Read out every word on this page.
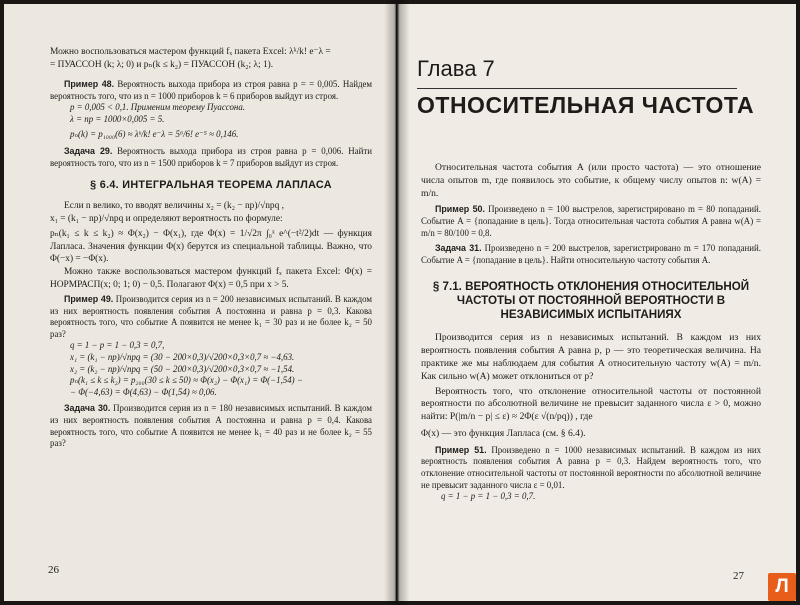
Можно воспользоваться мастером функций fₓ пакета Excel: λᵏ/k! e⁻λ =

= ПУАССОН (k; λ; 0) и pₙ(k ≤ k₂) = ПУАССОН (k₂; λ; 1).

Пример 48. Вероятность выхода прибора из строя равна p = = 0,005. Найдем вероятность того, что из n = 1000 приборов k = 6 приборов выйдут из строя.

p = 0,005 < 0,1. Применим теорему Пуассона.

λ = np = 1000×0,005 = 5.

pₙ(k) = p₁₀₀₀(6) ≈ λᵏ/k! e⁻λ = 5⁶/6! e⁻⁵ ≈ 0,146.

Задача 29. Вероятность выхода прибора из строя равна p = 0,006. Найти вероятность того, что из n = 1500 приборов k = 7 приборов выйдут из строя.

§ 6.4. ИНТЕГРАЛЬНАЯ ТЕОРЕМА ЛАПЛАСА

Если n велико, то вводят величины x₂ = (k₂ − np)/√npq ,

x₁ = (k₁ − np)/√npq и определяют вероятность по формуле:

pₙ(k₁ ≤ k ≤ k₂) ≈ Φ(x₂) − Φ(x₁), где Φ(x) = 1/√2π ∫₀ˣ e^(−t²/2)dt — функция Лапласа. Значения функции Φ(x) берутся из специальной таблицы. Важно, что Φ(−x) = −Φ(x).

Можно также воспользоваться мастером функций fₓ пакета Excel: Φ(x) = НОРМРАСП(x; 0; 1; 0) − 0,5. Полагают Φ(x) = 0,5 при x > 5.

Пример 49. Производится серия из n = 200 независимых испытаний. В каждом из них вероятность появления события A постоянна и равна p = 0,3. Какова вероятность того, что событие A появится не менее k₁ = 30 раз и не более k₂ = 50 раз?

q = 1 − p = 1 − 0,3 = 0,7,

x₁ = (k₁ − np)/√npq = (30 − 200×0,3)/√200×0,3×0,7 ≈ −4,63.

x₂ = (k₂ − np)/√npq = (50 − 200×0,3)/√200×0,3×0,7 ≈ −1,54.

pₙ(k₁ ≤ k ≤ k₂) = p₂₀₀(30 ≤ k ≤ 50) ≈ Φ(x₂) − Φ(x₁) = Φ(−1,54) −

− Φ(−4,63) = Φ(4,63) − Φ(1,54) ≈ 0,06.

Задача 30. Производится серия из n = 180 независимых испытаний. В каждом из них вероятность появления события A постоянна и равна p = 0,4. Какова вероятность того, что событие A появится не менее k₁ = 40 раз и не более k₂ = 55 раз?

26
Глава 7
ОТНОСИТЕЛЬНАЯ ЧАСТОТА

Относительная частота события A (или просто частота) — это отношение числа опытов m, где появилось это событие, к общему числу опытов n: w(A) = m/n.

Пример 50. Произведено n = 100 выстрелов, зарегистрировано m = 80 попаданий. Событие A = {попадание в цель}. Тогда относительная частота события A равна w(A) = m/n = 80/100 = 0,8.

Задача 31. Произведено n = 200 выстрелов, зарегистрировано m = 170 попаданий. Событие A = {попадание в цель}. Найти относительную частоту события A.

§ 7.1. ВЕРОЯТНОСТЬ ОТКЛОНЕНИЯ ОТНОСИТЕЛЬНОЙ ЧАСТОТЫ ОТ ПОСТОЯННОЙ ВЕРОЯТНОСТИ В НЕЗАВИСИМЫХ ИСПЫТАНИЯХ

Производится серия из n независимых испытаний. В каждом из них вероятность появления события A равна p, p — это теоретическая величина. На практике же мы наблюдаем для события A относительную частоту w(A) = m/n. Как сильно w(A) может отклониться от p?

Вероятность того, что отклонение относительной частоты от постоянной вероятности по абсолютной величине не превысит заданного числа ε > 0, можно найти: P(|m/n − p| ≤ ε) ≈ 2Φ(ε √(n/pq)) , где

Φ(x) — это функция Лапласа (см. § 6.4).

Пример 51. Произведено n = 1000 независимых испытаний. В каждом из них вероятность появления события A равна p = 0,3. Найдем вероятность того, что отклонение относительной частоты от постоянной вероятности по абсолютной величине не превысит заданного числа ε = 0,01.

q = 1 − p = 1 − 0,3 = 0,7.

27	Л
